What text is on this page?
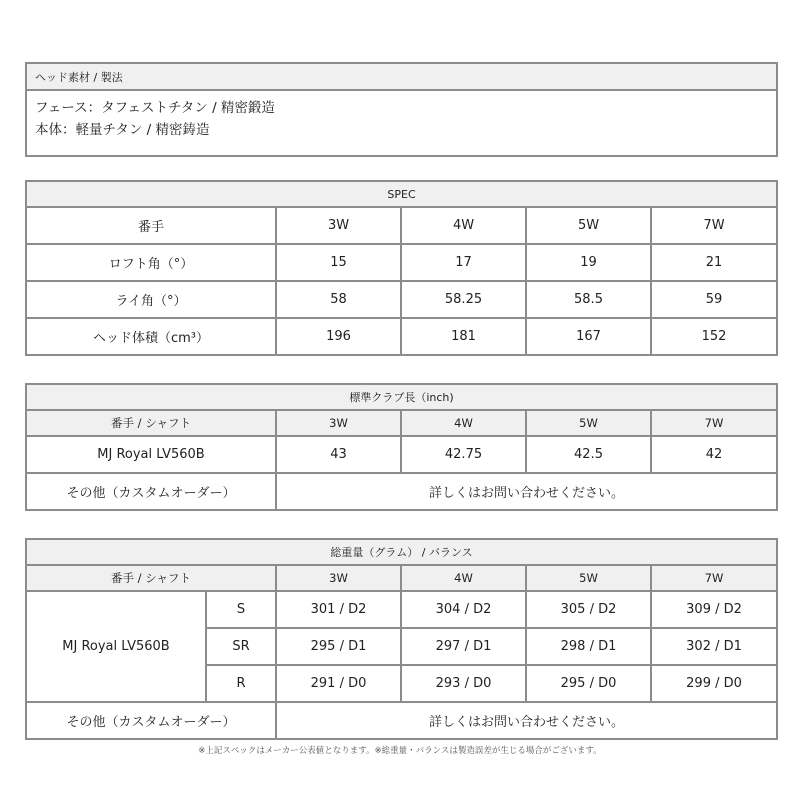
ヘッド素材 / 製法

フェース：タフェストチタン / 精密鍛造
本体：軽量チタン / 精密鋳造
SPEC				
番手	3W	4W	5W	7W
ロフト角（°）	15	17	19	21
ライ角（°）	58	58.25	58.5	59
ヘッド体積（cm³）	196	181	167	152
標準クラブ長（inch)				
番手 / シャフト	3W	4W	5W	7W
MJ Royal LV560B	43	42.75	42.5	42
その他（カスタムオーダー）	詳しくはお問い合わせください。			
総重量（グラム） / バランス					
番手 / シャフト		3W	4W	5W	7W
MJ Royal LV560B	S	301 / D2	304 / D2	305 / D2	309 / D2
	SR	295 / D1	297 / D1	298 / D1	302 / D1
	R	291 / D0	293 / D0	295 / D0	299 / D0
その他（カスタムオーダー）		詳しくはお問い合わせください。			
※上記スペックはメーカー公表値となります。※総重量・バランスは製造誤差が生じる場合がございます。
